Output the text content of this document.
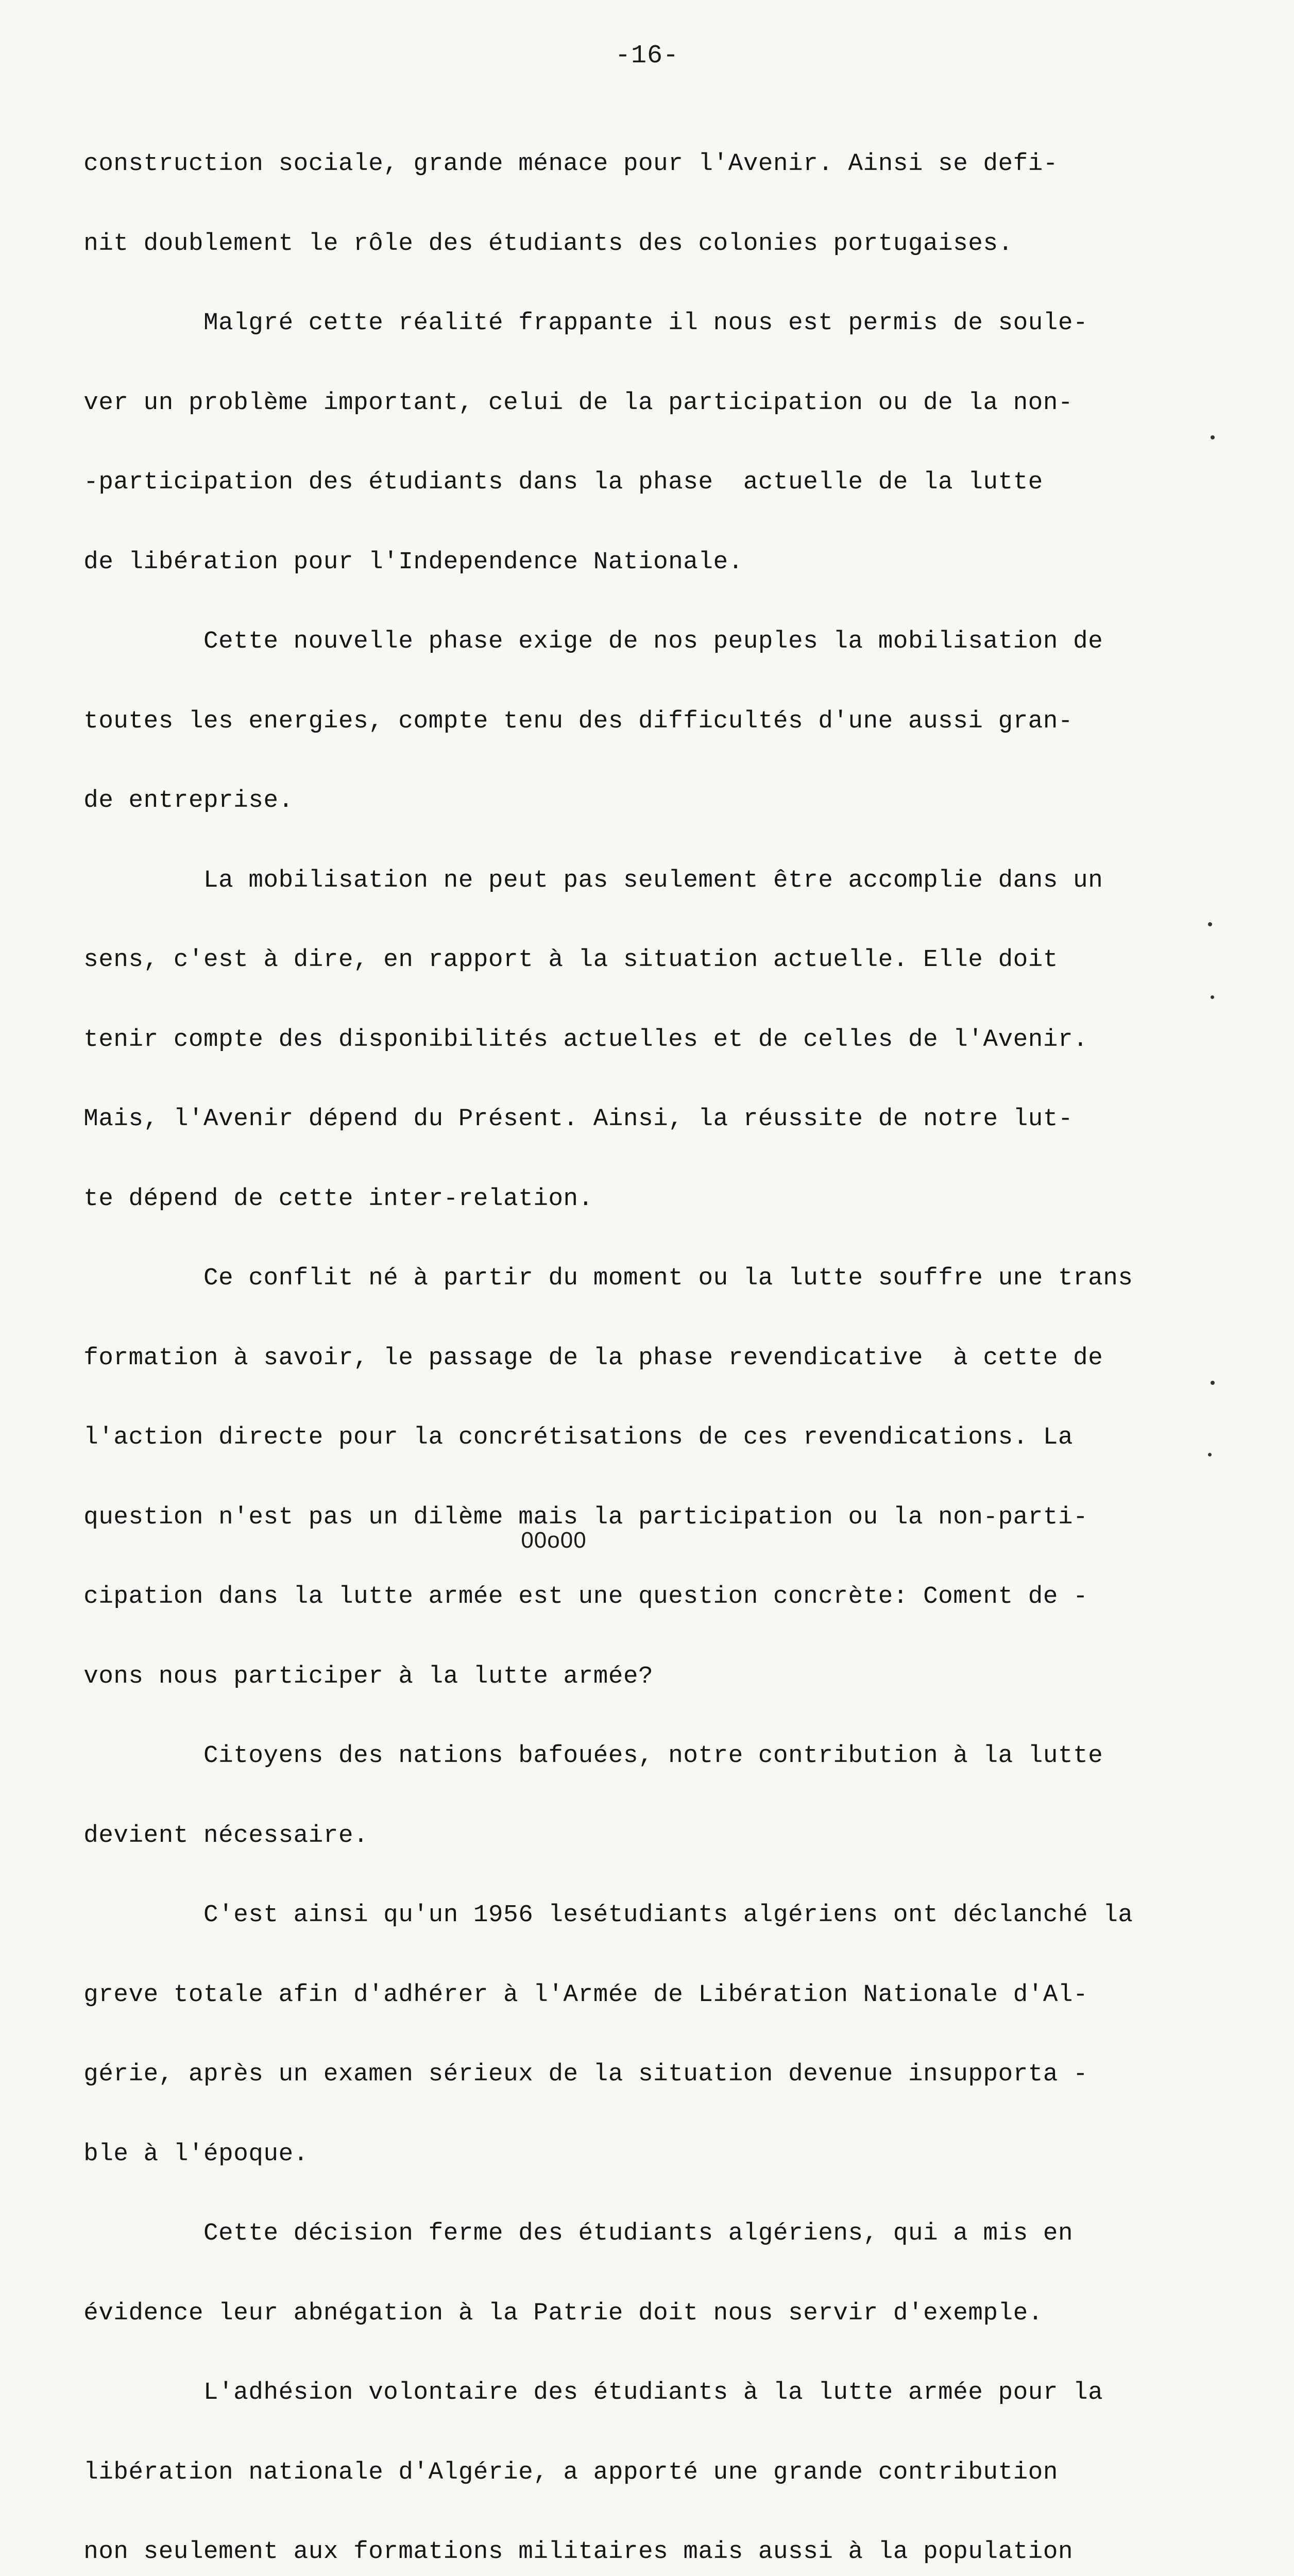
-16-

construction sociale, grande ménace pour l'Avenir. Ainsi se defi-

nit doublement le rôle des étudiants des colonies portugaises.

Malgré cette réalité frappante il nous est permis de soule-

ver un problème important, celui de la participation ou de la non-

-participation des étudiants dans la phase  actuelle de la lutte

de libération pour l'Independence Nationale.

Cette nouvelle phase exige de nos peuples la mobilisation de

toutes les energies, compte tenu des difficultés d'une aussi gran-

de entreprise.

La mobilisation ne peut pas seulement être accomplie dans un

sens, c'est à dire, en rapport à la situation actuelle. Elle doit

tenir compte des disponibilités actuelles et de celles de l'Avenir.

Mais, l'Avenir dépend du Présent. Ainsi, la réussite de notre lut-

te dépend de cette inter-relation.

Ce conflit né à partir du moment ou la lutte souffre une trans

formation à savoir, le passage de la phase revendicative  à cette de

l'action directe pour la concrétisations de ces revendications. La

question n'est pas un dilème mais la participation ou la non-parti-

cipation dans la lutte armée est une question concrète: Coment de -

vons nous participer à la lutte armée?

Citoyens des nations bafouées, notre contribution à la lutte

devient nécessaire.

C'est ainsi qu'un 1956 lesétudiants algériens ont déclanché la

greve totale afin d'adhérer à l'Armée de Libération Nationale d'Al-

gérie, après un examen sérieux de la situation devenue insupporta -

ble à l'époque.

Cette décision ferme des étudiants algériens, qui a mis en

évidence leur abnégation à la Patrie doit nous servir d'exemple.

L'adhésion volontaire des étudiants à la lutte armée pour la

libération nationale d'Algérie, a apporté une grande contribution

non seulement aux formations militaires mais aussi à la population

00o00
